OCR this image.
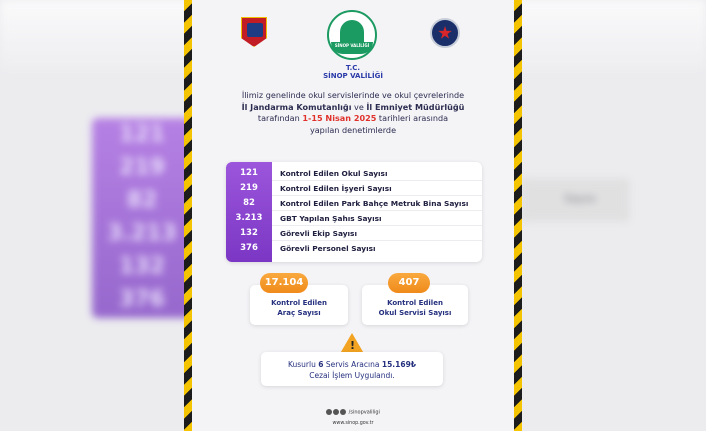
121
219
82
3.213
132
376
Sayısı
SİNOP VALİLİĞİ
T.C.
SİNOP VALİLİĞİ
İlimiz genelinde okul servislerinde ve okul çevrelerinde
İl Jandarma Komutanlığı ve İl Emniyet Müdürlüğü
tarafından 1-15 Nisan 2025 tarihleri arasında
yapılan denetimlerde
121	Kontrol Edilen Okul Sayısı
219	Kontrol Edilen İşyeri Sayısı
82	Kontrol Edilen Park Bahçe Metruk Bina Sayısı
3.213	GBT Yapılan Şahıs Sayısı
132	Görevli Ekip Sayısı
376	Görevli Personel Sayısı
17.104
Kontrol Edilen
Araç Sayısı
407
Kontrol Edilen
Okul Servisi Sayısı
!
Kusurlu 6 Servis Aracına 15.169₺
Cezai İşlem Uygulandı.
/sinopvaliligi
www.sinop.gov.tr
